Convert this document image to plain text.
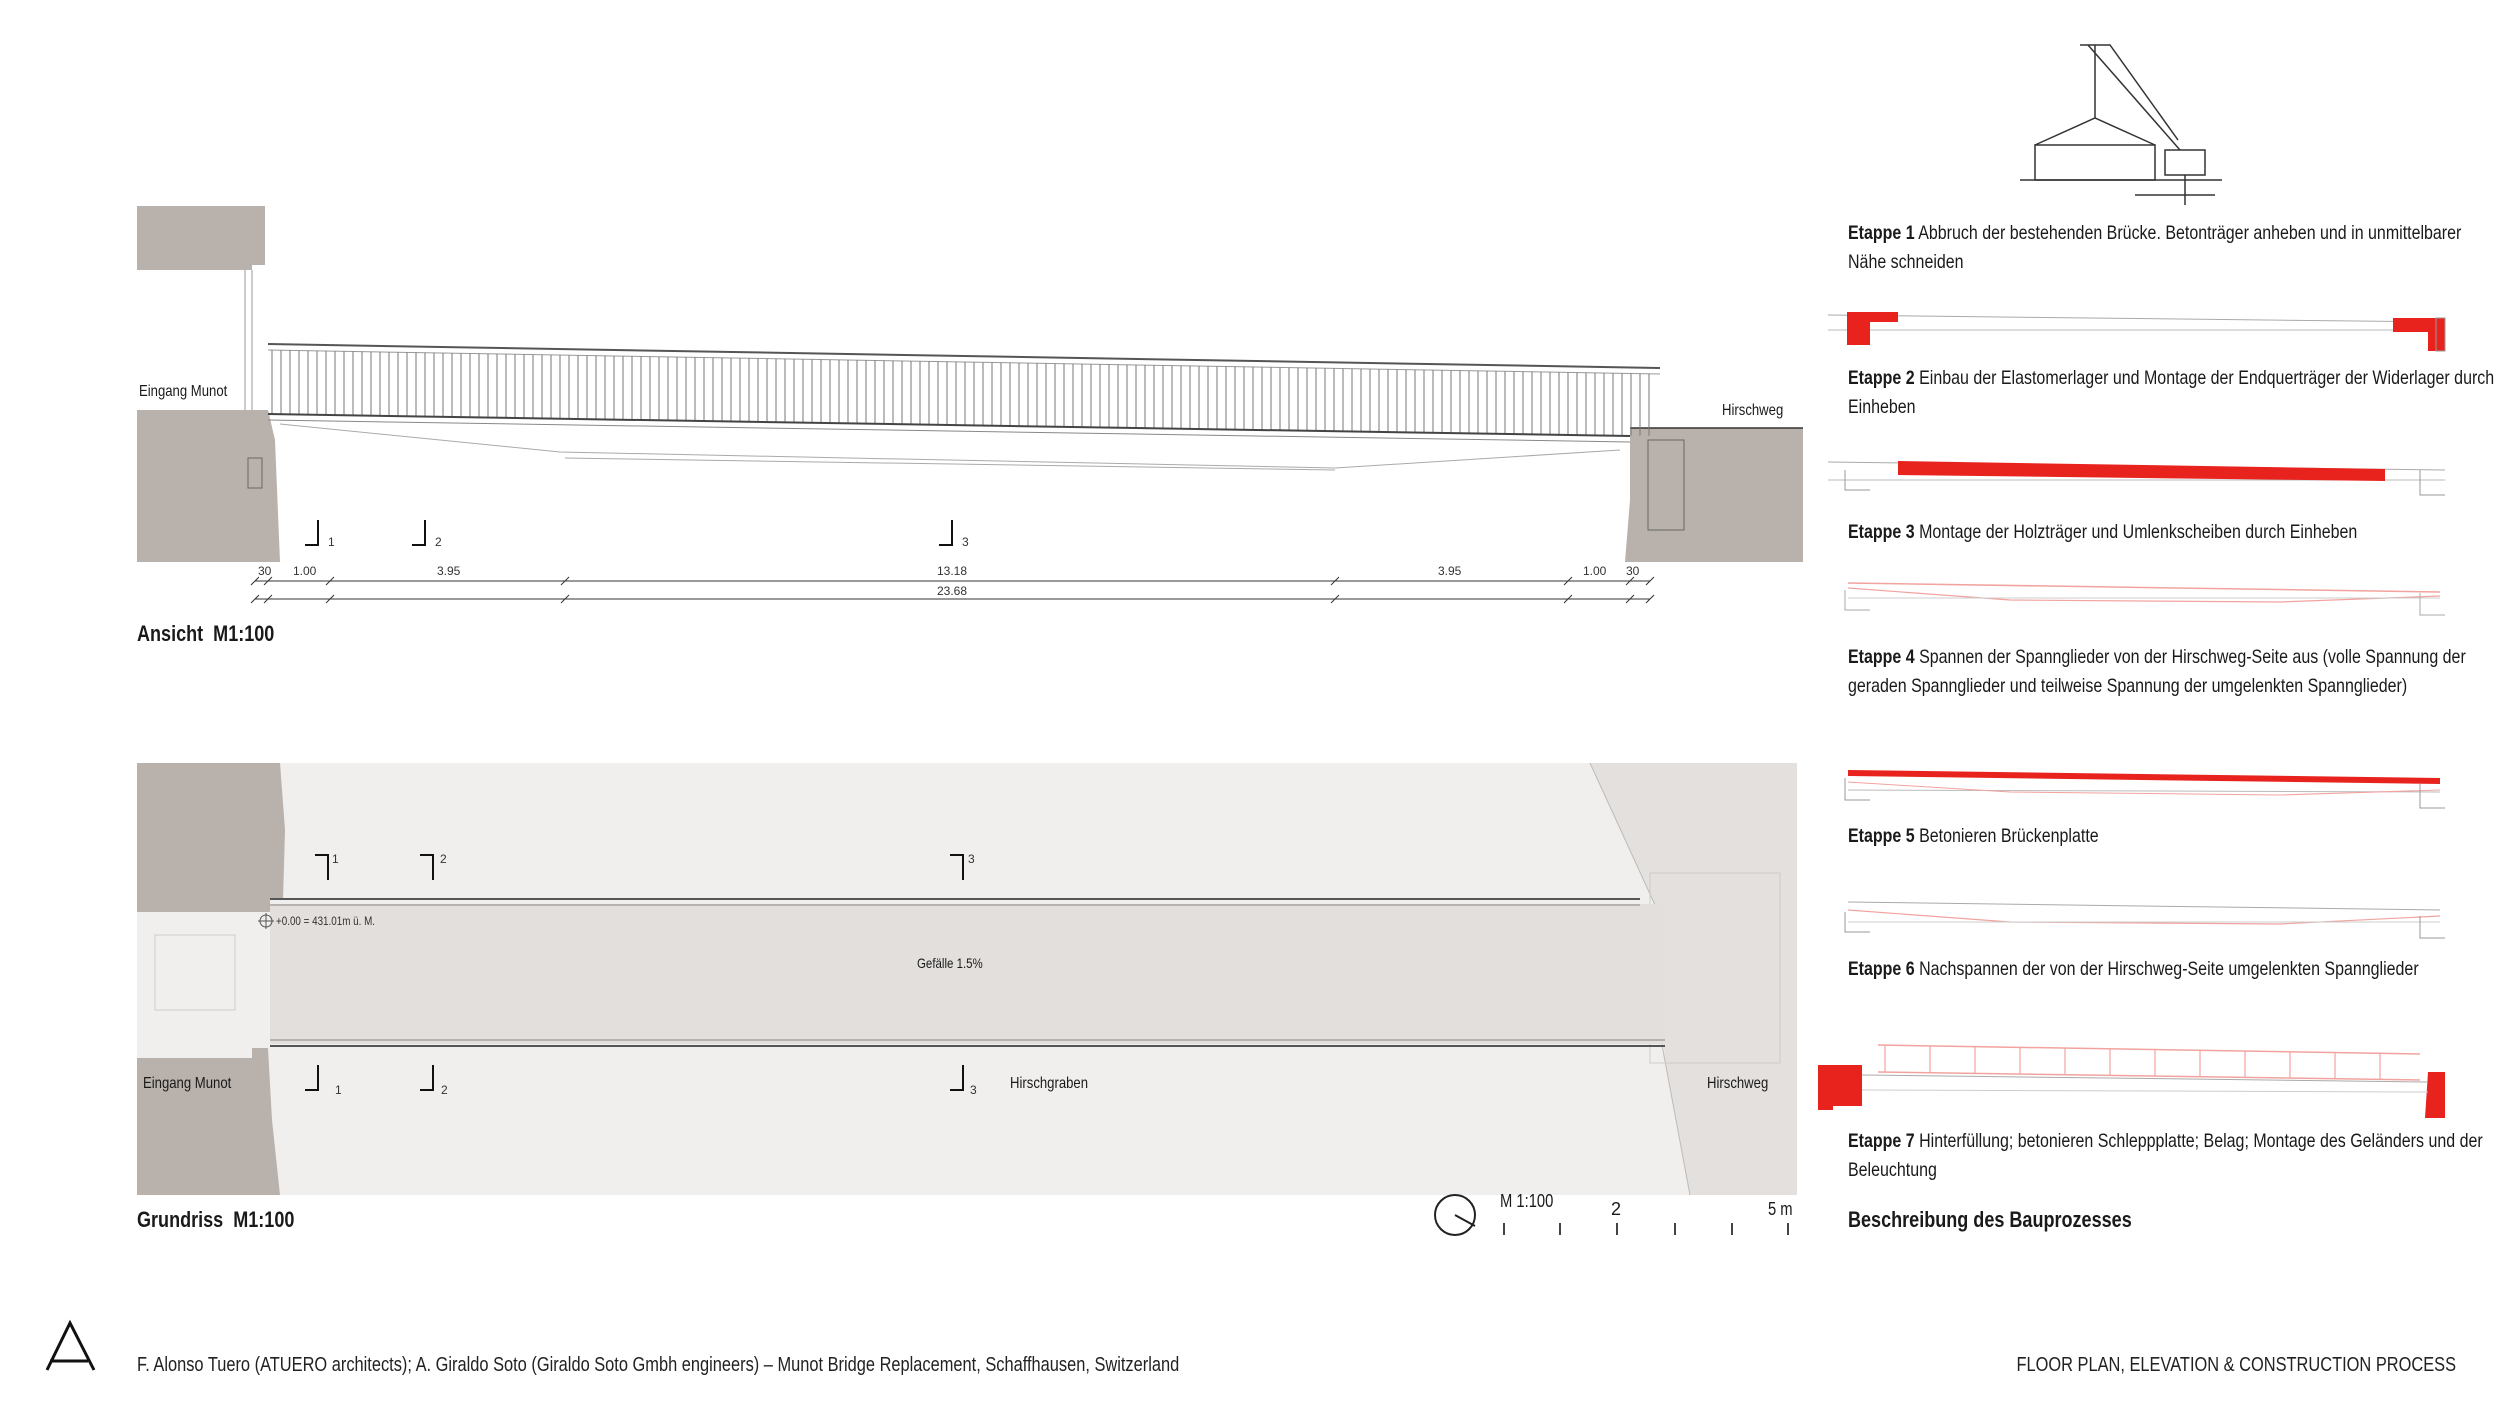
Eingang Munot
Hirschweg
1	2	3
30 1.00	3.95	13.18	3.95	1.00 30
23.68
Ansicht  M1:100
1	2	3
+0.00 = 431.01m ü. M.
Gefälle 1.5%
Eingang Munot	Hirschgraben	Hirschweg
1	2	3
Grundriss  M1:100
M 1:100	2	5 m
Etappe 1 Abbruch der bestehenden Brücke. Betonträger anheben und in unmittelbarer Nähe schneiden
Etappe 2 Einbau der Elastomerlager und Montage der Endquerträger der Widerlager durch Einheben
Etappe 3 Montage der Holzträger und Umlenkscheiben durch Einheben
Etappe 4 Spannen der Spannglieder von der Hirschweg-Seite aus (volle Spannung der geraden Spannglieder und teilweise Spannung der umgelenkten Spannglieder)
Etappe 5 Betonieren Brückenplatte
Etappe 6 Nachspannen der von der Hirschweg-Seite umgelenkten Spannglieder
Etappe 7 Hinterfüllung; betonieren Schleppplatte; Belag; Montage des Geländers und der Beleuchtung
Beschreibung des Bauprozesses
F. Alonso Tuero (ATUERO architects); A. Giraldo Soto (Giraldo Soto Gmbh engineers) – Munot Bridge Replacement, Schaffhausen, Switzerland	FLOOR PLAN, ELEVATION & CONSTRUCTION PROCESS
